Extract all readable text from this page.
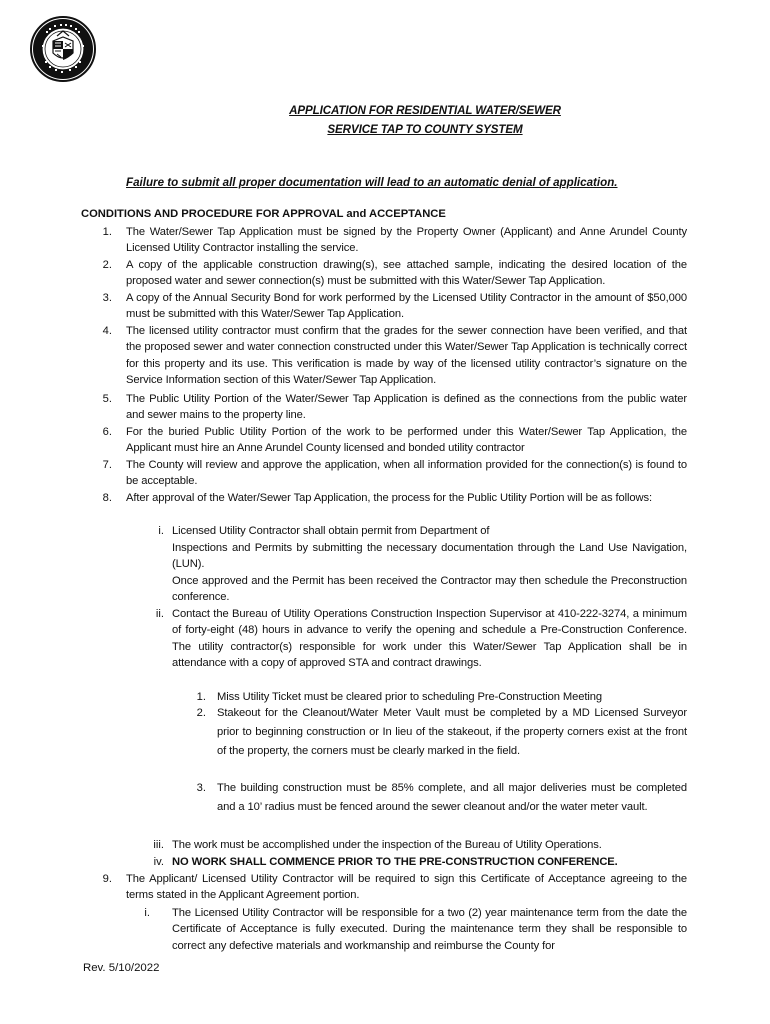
APPLICATION FOR RESIDENTIAL WATER/SEWER
SERVICE TAP TO COUNTY SYSTEM
Failure to submit all proper documentation will lead to an automatic denial of application.
CONDITIONS AND PROCEDURE FOR APPROVAL and ACCEPTANCE
1. The Water/Sewer Tap Application must be signed by the Property Owner (Applicant) and Anne Arundel County Licensed Utility Contractor installing the service.
2. A copy of the applicable construction drawing(s), see attached sample, indicating the desired location of the proposed water and sewer connection(s) must be submitted with this Water/Sewer Tap Application.
3. A copy of the Annual Security Bond for work performed by the Licensed Utility Contractor in the amount of $50,000 must be submitted with this Water/Sewer Tap Application.
4. The licensed utility contractor must confirm that the grades for the sewer connection have been verified, and that the proposed sewer and water connection constructed under this Water/Sewer Tap Application is technically correct for this property and its use. This verification is made by way of the licensed utility contractor’s signature on the Service Information section of this Water/Sewer Tap Application.
5. The Public Utility Portion of the Water/Sewer Tap Application is defined as the connections from the public water and sewer mains to the property line.
6. For the buried Public Utility Portion of the work to be performed under this Water/Sewer Tap Application, the Applicant must hire an Anne Arundel County licensed and bonded utility contractor
7. The County will review and approve the application, when all information provided for the connection(s) is found to be acceptable.
8. After approval of the Water/Sewer Tap Application, the process for the Public Utility Portion will be as follows:
i. Licensed Utility Contractor shall obtain permit from Department of
Inspections and Permits by submitting the necessary documentation through the Land Use Navigation, (LUN).
Once approved and the Permit has been received the Contractor may then schedule the Preconstruction conference.
ii. Contact the Bureau of Utility Operations Construction Inspection Supervisor at 410-222-3274, a minimum of forty-eight (48) hours in advance to verify the opening and schedule a Pre-Construction Conference. The utility contractor(s) responsible for work under this Water/Sewer Tap Application shall be in attendance with a copy of approved STA and contract drawings.
1. Miss Utility Ticket must be cleared prior to scheduling Pre-Construction Meeting
2. Stakeout for the Cleanout/Water Meter Vault must be completed by a MD Licensed Surveyor prior to beginning construction or In lieu of the stakeout, if the property corners exist at the front of the property, the corners must be clearly marked in the field.
3. The building construction must be 85% complete, and all major deliveries must be completed and a 10’ radius must be fenced around the sewer cleanout and/or the water meter vault.
iii. The work must be accomplished under the inspection of the Bureau of Utility Operations.
iv. NO WORK SHALL COMMENCE PRIOR TO THE PRE-CONSTRUCTION CONFERENCE.
9. The Applicant/ Licensed Utility Contractor will be required to sign this Certificate of Acceptance agreeing to the terms stated in the Applicant Agreement portion.
i. The Licensed Utility Contractor will be responsible for a two (2) year maintenance term from the date the Certificate of Acceptance is fully executed. During the maintenance term they shall be responsible to correct any defective materials and workmanship and reimburse the County for
Rev. 5/10/2022
